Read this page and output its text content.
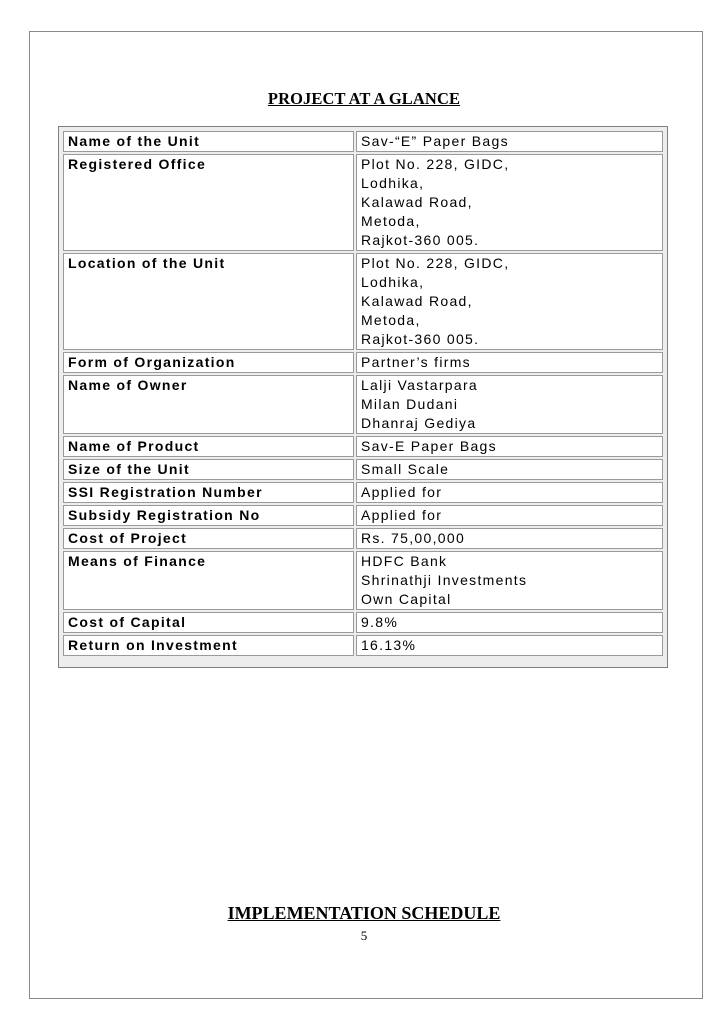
PROJECT AT A GLANCE
Name of the Unit	Sav-“E” Paper Bags

Registered Office	Plot No. 228, GIDC,
Lodhika,
Kalawad Road,
Metoda,
Rajkot-360 005.

Location of the Unit	Plot No. 228, GIDC,
Lodhika,
Kalawad Road,
Metoda,
Rajkot-360 005.

Form of Organization	Partner’s firms

Name of Owner	Lalji Vastarpara
Milan Dudani
Dhanraj Gediya

Name of Product	Sav-E Paper Bags

Size of the Unit	Small Scale

SSI Registration Number	Applied for

Subsidy Registration No	Applied for

Cost of Project	Rs. 75,00,000

Means of Finance	HDFC Bank
Shrinathji Investments
Own Capital

Cost of Capital	9.8%

Return on Investment	16.13%
IMPLEMENTATION SCHEDULE
5
